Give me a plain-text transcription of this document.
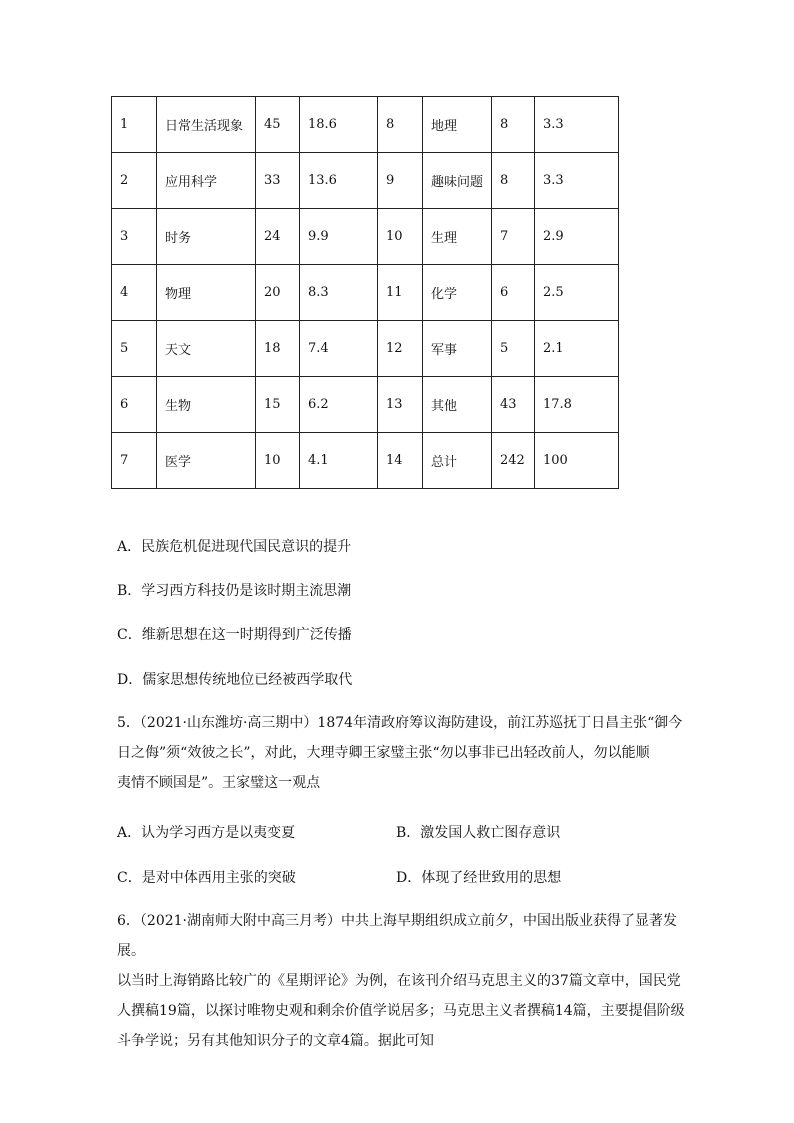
1	日常生活现象	45	18.6	8	地理	8	3.3
2	应用科学	33	13.6	9	趣味问题	8	3.3
3	时务	24	9.9	10	生理	7	2.9
4	物理	20	8.3	11	化学	6	2.5
5	天文	18	7.4	12	军事	5	2.1
6	生物	15	6.2	13	其他	43	17.8
7	医学	10	4.1	14	总计	242	100
A．民族危机促进现代国民意识的提升
B．学习西方科技仍是该时期主流思潮
C．维新思想在这一时期得到广泛传播
D．儒家思想传统地位已经被西学取代
5．（2021·山东潍坊·高三期中）1874年清政府筹议海防建设，前江苏巡抚丁日昌主张“御今
日之侮”须“效彼之长”，对此，大理寺卿王家璧主张“勿以事非已出轻改前人，勿以能顺
夷情不顾国是”。王家璧这一观点
A．认为学习西方是以夷变夏	B．激发国人救亡图存意识
C．是对中体西用主张的突破	D．体现了经世致用的思想
6．（2021·湖南师大附中高三月考）中共上海早期组织成立前夕，中国出版业获得了显著发展。
以当时上海销路比较广的《星期评论》为例，在该刊介绍马克思主义的37篇文章中，国民党
人撰稿19篇，以探讨唯物史观和剩余价值学说居多；马克思主义者撰稿14篇，主要提倡阶级
斗争学说；另有其他知识分子的文章4篇。据此可知
